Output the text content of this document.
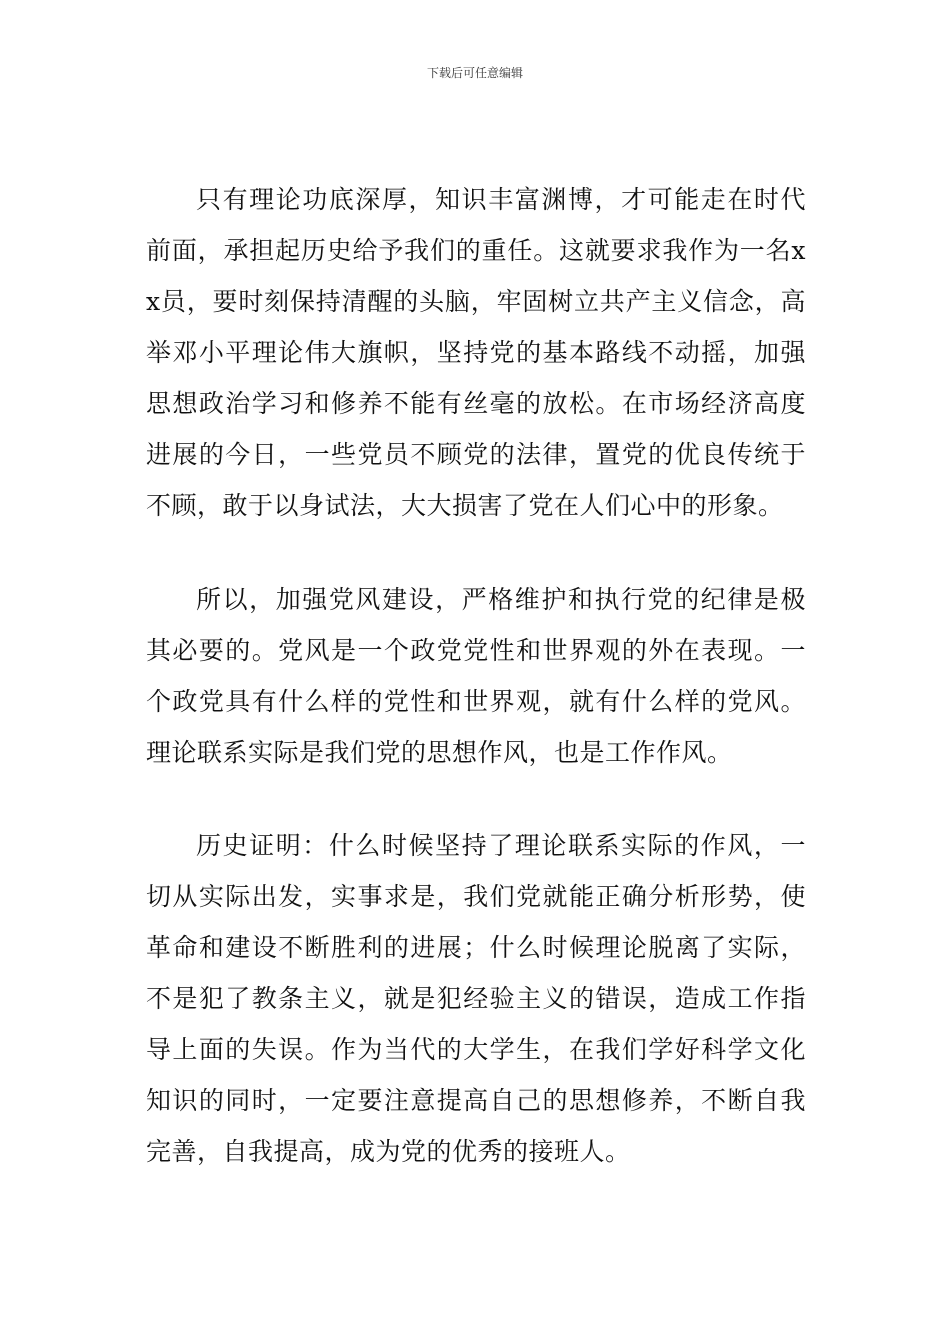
下载后可任意编辑

只有理论功底深厚，知识丰富渊博，才可能走在时代前面，承担起历史给予我们的重任。这就要求我作为一名xx员，要时刻保持清醒的头脑，牢固树立共产主义信念，高举邓小平理论伟大旗帜，坚持党的基本路线不动摇，加强思想政治学习和修养不能有丝毫的放松。在市场经济高度进展的今日，一些党员不顾党的法律，置党的优良传统于不顾，敢于以身试法，大大损害了党在人们心中的形象。

所以，加强党风建设，严格维护和执行党的纪律是极其必要的。党风是一个政党党性和世界观的外在表现。一个政党具有什么样的党性和世界观，就有什么样的党风。理论联系实际是我们党的思想作风，也是工作作风。

历史证明：什么时候坚持了理论联系实际的作风，一切从实际出发，实事求是，我们党就能正确分析形势，使革命和建设不断胜利的进展；什么时候理论脱离了实际，不是犯了教条主义，就是犯经验主义的错误，造成工作指导上面的失误。作为当代的大学生，在我们学好科学文化知识的同时，一定要注意提高自己的思想修养，不断自我完善，自我提高，成为党的优秀的接班人。
